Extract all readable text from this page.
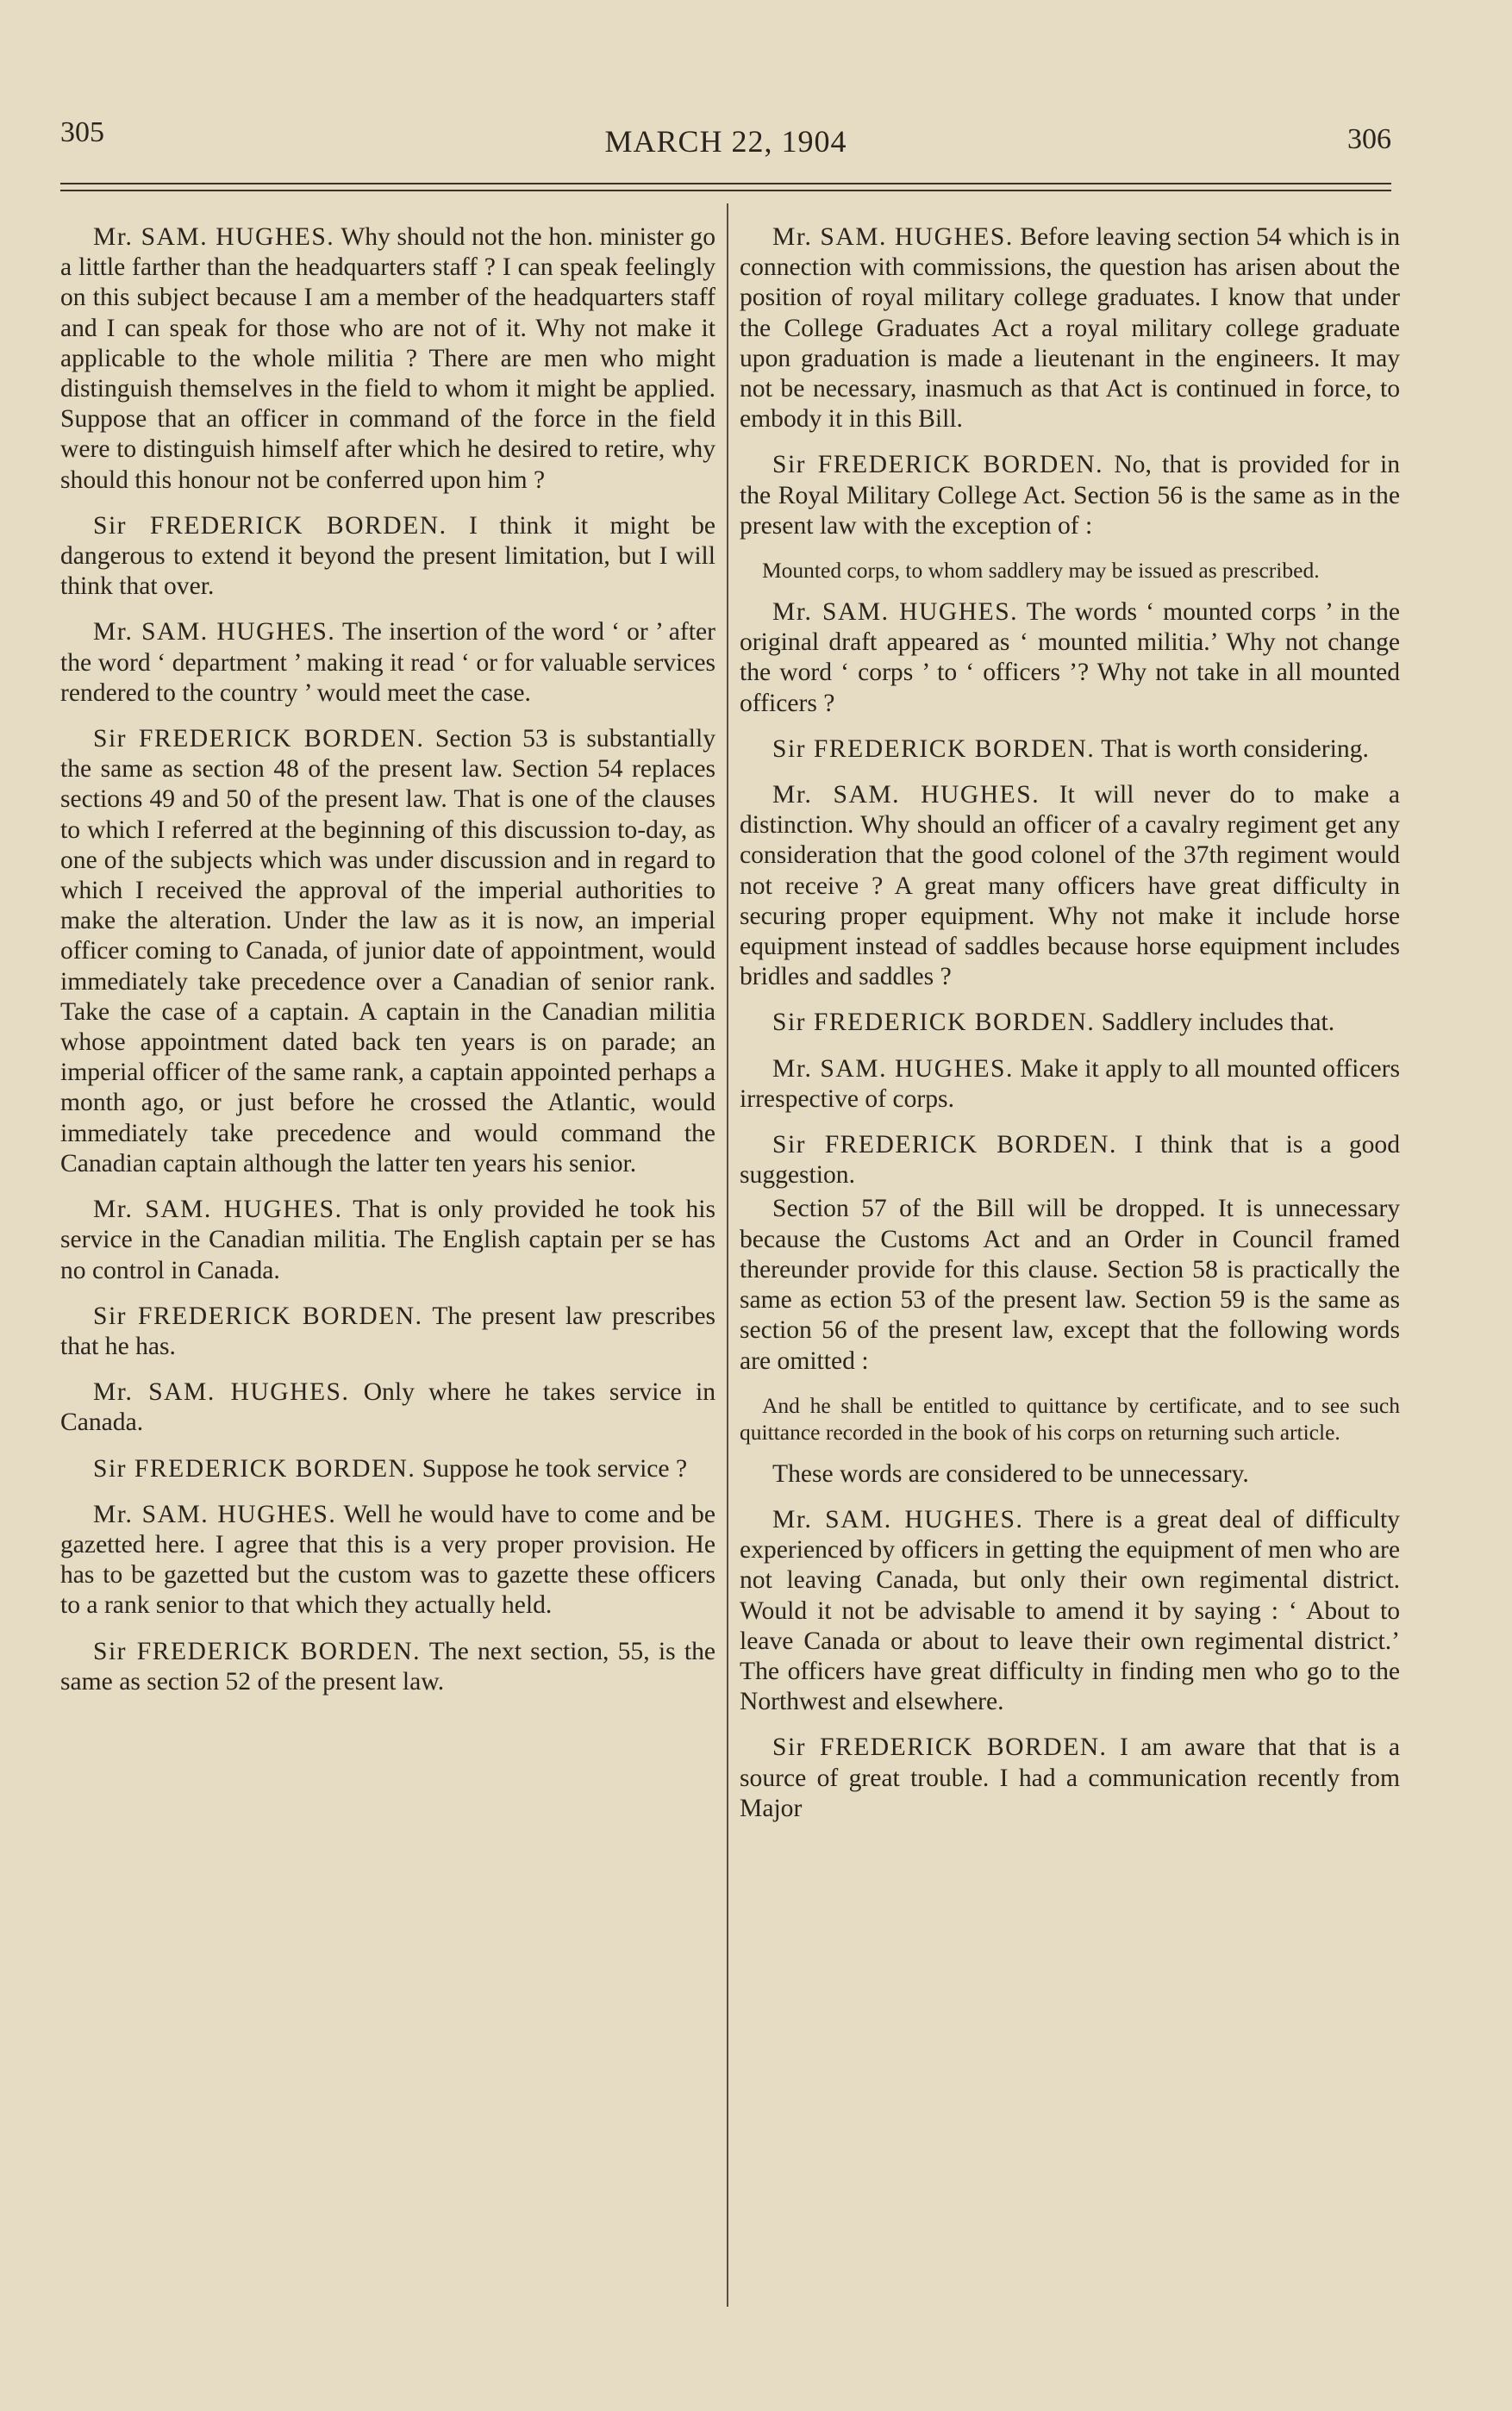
305	MARCH 22, 1904	306

Mr. SAM. HUGHES. Why should not the hon. minister go a little farther than the headquarters staff ? I can speak feelingly on this subject because I am a member of the headquarters staff and I can speak for those who are not of it. Why not make it applicable to the whole militia ? There are men who might distinguish themselves in the field to whom it might be applied. Suppose that an officer in command of the force in the field were to distinguish himself after which he desired to retire, why should this honour not be conferred upon him ?

Sir FREDERICK BORDEN. I think it might be dangerous to extend it beyond the present limitation, but I will think that over.

Mr. SAM. HUGHES. The insertion of the word ‘ or ’ after the word ‘ department ’ making it read ‘ or for valuable services rendered to the country ’ would meet the case.

Sir FREDERICK BORDEN. Section 53 is substantially the same as section 48 of the present law. Section 54 replaces sections 49 and 50 of the present law. That is one of the clauses to which I referred at the beginning of this discussion to-day, as one of the subjects which was under discussion and in regard to which I received the approval of the imperial authorities to make the alteration. Under the law as it is now, an imperial officer coming to Canada, of junior date of appointment, would immediately take precedence over a Canadian of senior rank. Take the case of a captain. A captain in the Canadian militia whose appointment dated back ten years is on parade; an imperial officer of the same rank, a captain appointed perhaps a month ago, or just before he crossed the Atlantic, would immediately take precedence and would command the Canadian captain although the latter ten years his senior.

Mr. SAM. HUGHES. That is only provided he took his service in the Canadian militia. The English captain per se has no control in Canada.

Sir FREDERICK BORDEN. The present law prescribes that he has.

Mr. SAM. HUGHES. Only where he takes service in Canada.

Sir FREDERICK BORDEN. Suppose he took service ?

Mr. SAM. HUGHES. Well he would have to come and be gazetted here. I agree that this is a very proper provision. He has to be gazetted but the custom was to gazette these officers to a rank senior to that which they actually held.

Sir FREDERICK BORDEN. The next section, 55, is the same as section 52 of the present law.

Mr. SAM. HUGHES. Before leaving section 54 which is in connection with commissions, the question has arisen about the position of royal military college graduates. I know that under the College Graduates Act a royal military college graduate upon graduation is made a lieutenant in the engineers. It may not be necessary, inasmuch as that Act is continued in force, to embody it in this Bill.

Sir FREDERICK BORDEN. No, that is provided for in the Royal Military College Act. Section 56 is the same as in the present law with the exception of :

Mounted corps, to whom saddlery may be issued as prescribed.

Mr. SAM. HUGHES. The words ‘ mounted corps ’ in the original draft appeared as ‘ mounted militia.’ Why not change the word ‘ corps ’ to ‘ officers ’? Why not take in all mounted officers ?

Sir FREDERICK BORDEN. That is worth considering.

Mr. SAM. HUGHES. It will never do to make a distinction. Why should an officer of a cavalry regiment get any consideration that the good colonel of the 37th regiment would not receive ? A great many officers have great difficulty in securing proper equipment. Why not make it include horse equipment instead of saddles because horse equipment includes bridles and saddles ?

Sir FREDERICK BORDEN. Saddlery includes that.

Mr. SAM. HUGHES. Make it apply to all mounted officers irrespective of corps.

Sir FREDERICK BORDEN. I think that is a good suggestion.

Section 57 of the Bill will be dropped. It is unnecessary because the Customs Act and an Order in Council framed thereunder provide for this clause. Section 58 is practically the same as ection 53 of the present law. Section 59 is the same as section 56 of the present law, except that the following words are omitted :

And he shall be entitled to quittance by certificate, and to see such quittance recorded in the book of his corps on returning such article.

These words are considered to be unnecessary.

Mr. SAM. HUGHES. There is a great deal of difficulty experienced by officers in getting the equipment of men who are not leaving Canada, but only their own regimental district. Would it not be advisable to amend it by saying : ‘ About to leave Canada or about to leave their own regimental district.’ The officers have great difficulty in finding men who go to the Northwest and elsewhere.

Sir FREDERICK BORDEN. I am aware that that is a source of great trouble. I had a communication recently from Major
